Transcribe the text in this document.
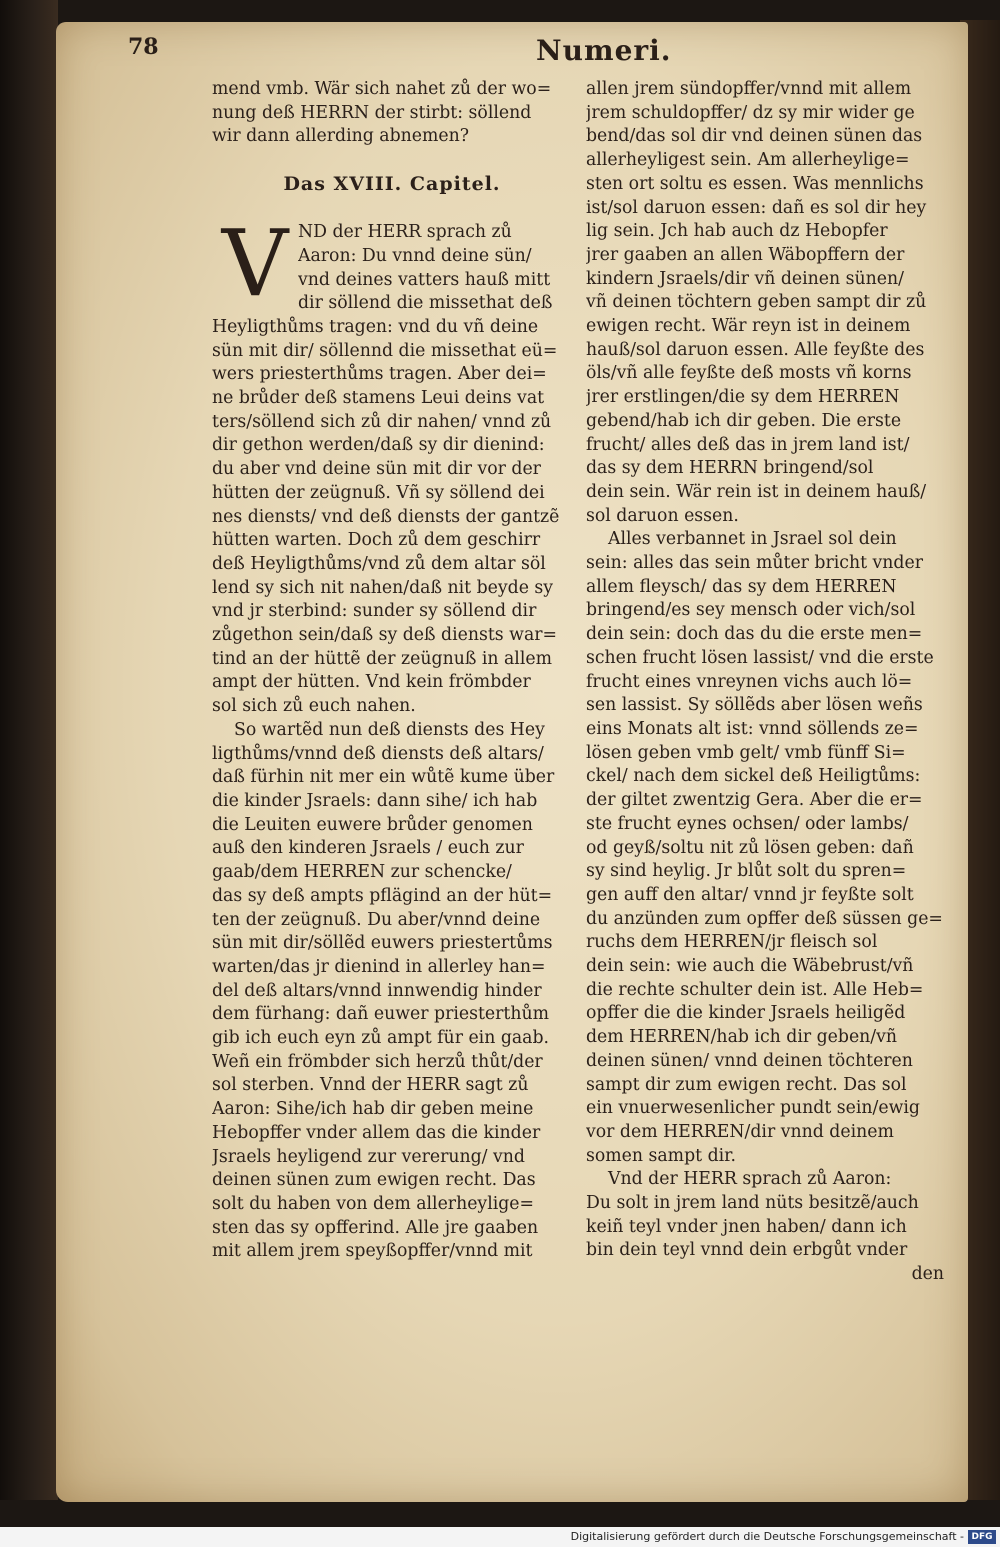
78	Numeri.
mend vmb. Wär sich nahet zů der wo=
nung deß HERRN der stirbt: söllend
wir dann allerding abnemen?
Das XVIII. Capitel.
V ND der HERR sprach zů
Aaron: Du vnnd deine sün/
vnd deines vatters hauß mitt
dir söllend die missethat deß
Heyligthůms tragen: vnd du vñ deine
sün mit dir/ söllennd die missethat eü=
wers priesterthůms tragen. Aber dei=
ne brůder deß stamens Leui deins vat
ters/söllend sich zů dir nahen/ vnnd zů
dir gethon werden/daß sy dir dienind:
du aber vnd deine sün mit dir vor der
hütten der zeügnuß. Vñ sy söllend dei
nes diensts/ vnd deß diensts der gantzẽ
hütten warten. Doch zů dem geschirr
deß Heyligthůms/vnd zů dem altar söl
lend sy sich nit nahen/daß nit beyde sy
vnd jr sterbind: sunder sy söllend dir
zůgethon sein/daß sy deß diensts war=
tind an der hüttẽ der zeügnuß in allem
ampt der hütten. Vnd kein frömbder
sol sich zů euch nahen.
So wartẽd nun deß diensts des Hey
ligthůms/vnnd deß diensts deß altars/
daß fürhin nit mer ein wůtẽ kume über
die kinder Jsraels: dann sihe/ ich hab
die Leuiten euwere brůder genomen
auß den kinderen Jsraels / euch zur
gaab/dem HERREN zur schencke/
das sy deß ampts pflägind an der hüt=
ten der zeügnuß. Du aber/vnnd deine
sün mit dir/söllẽd euwers priestertůms
warten/das jr dienind in allerley han=
del deß altars/vnnd innwendig hinder
dem fürhang: dañ euwer priesterthům
gib ich euch eyn zů ampt für ein gaab.
Weñ ein frömbder sich herzů thůt/der
sol sterben. Vnnd der HERR sagt zů
Aaron: Sihe/ich hab dir geben meine
Hebopffer vnder allem das die kinder
Jsraels heyligend zur vererung/ vnd
deinen sünen zum ewigen recht. Das
solt du haben von dem allerheylige=
sten das sy opfferind. Alle jre gaaben
mit allem jrem speyßopffer/vnnd mit
allen jrem sündopffer/vnnd mit allem
jrem schuldopffer/ dz sy mir wider ge
bend/das sol dir vnd deinen sünen das
allerheyligest sein. Am allerheylige=
sten ort soltu es essen. Was mennlichs
ist/sol daruon essen: dañ es sol dir hey
lig sein. Jch hab auch dz Hebopfer
jrer gaaben an allen Wäbopffern der
kindern Jsraels/dir vñ deinen sünen/
vñ deinen töchtern geben sampt dir zů
ewigen recht. Wär reyn ist in deinem
hauß/sol daruon essen. Alle feyßte des
öls/vñ alle feyßte deß mosts vñ korns
jrer erstlingen/die sy dem HERREN
gebend/hab ich dir geben. Die erste
frucht/ alles deß das in jrem land ist/
das sy dem HERRN bringend/sol
dein sein. Wär rein ist in deinem hauß/
sol daruon essen.
Alles verbannet in Jsrael sol dein
sein: alles das sein můter bricht vnder
allem fleysch/ das sy dem HERREN
bringend/es sey mensch oder vich/sol
dein sein: doch das du die erste men=
schen frucht lösen lassist/ vnd die erste
frucht eines vnreynen vichs auch lö=
sen lassist. Sy söllẽds aber lösen weñs
eins Monats alt ist: vnnd söllends ze=
lösen geben vmb gelt/ vmb fünff Si=
ckel/ nach dem sickel deß Heiligtůms:
der giltet zwentzig Gera. Aber die er=
ste frucht eynes ochsen/ oder lambs/
od geyß/soltu nit zů lösen geben: dañ
sy sind heylig. Jr blůt solt du spren=
gen auff den altar/ vnnd jr feyßte solt
du anzünden zum opffer deß süssen ge=
ruchs dem HERREN/jr fleisch sol
dein sein: wie auch die Wäbebrust/vñ
die rechte schulter dein ist. Alle Heb=
opffer die die kinder Jsraels heiligẽd
dem HERREN/hab ich dir geben/vñ
deinen sünen/ vnnd deinen töchteren
sampt dir zum ewigen recht. Das sol
ein vnuerwesenlicher pundt sein/ewig
vor dem HERREN/dir vnnd deinem
somen sampt dir.
Vnd der HERR sprach zů Aaron:
Du solt in jrem land nüts besitzẽ/auch
keiñ teyl vnder jnen haben/ dann ich
bin dein teyl vnnd dein erbgůt vnder
den
Digitalisierung gefördert durch die Deutsche Forschungsgemeinschaft - DFG
